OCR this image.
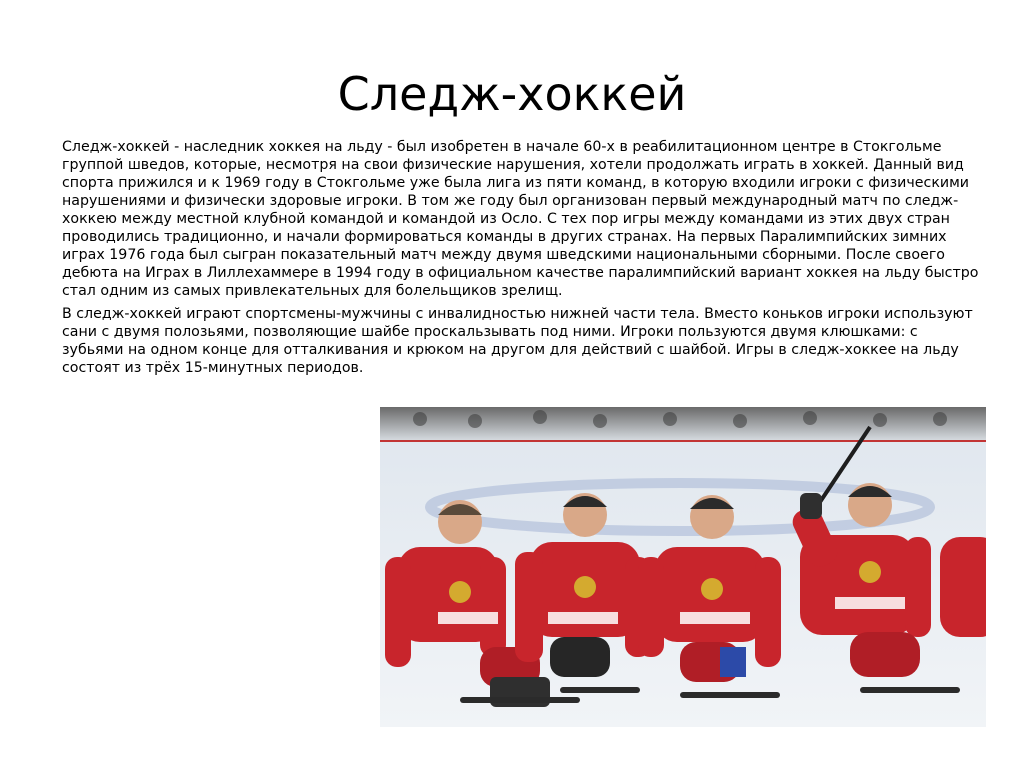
Следж-хоккей

Следж-хоккей - наследник хоккея на льду - был изобретен в начале 60-х в реабилитационном центре в Стокгольме группой шведов, которые, несмотря на свои физические нарушения, хотели продолжать играть в хоккей. Данный вид спорта прижился и к 1969 году в Стокгольме уже была лига из пяти команд, в которую входили игроки с физическими нарушениями и физически здоровые игроки. В том же году был организован первый международный матч по следж-хоккею между местной клубной командой и командой из Осло. С тех пор игры между командами из этих двух стран проводились традиционно, и начали формироваться команды в других странах. На первых Паралимпийских зимних играх 1976 года был сыгран показательный матч между двумя шведскими национальными сборными. После своего дебюта на Играх в Лиллехаммере в 1994 году в официальном качестве паралимпийский вариант хоккея на льду быстро стал одним из самых привлекательных для болельщиков зрелищ.

В следж-хоккей играют спортсмены-мужчины с инвалидностью нижней части тела. Вместо коньков игроки используют сани с двумя полозьями, позволяющие шайбе проскальзывать под ними. Игроки пользуются двумя клюшками: с зубьями на одном конце для отталкивания и крюком на другом для действий с шайбой. Игры в следж-хоккее на льду состоят из трёх 15-минутных периодов.
